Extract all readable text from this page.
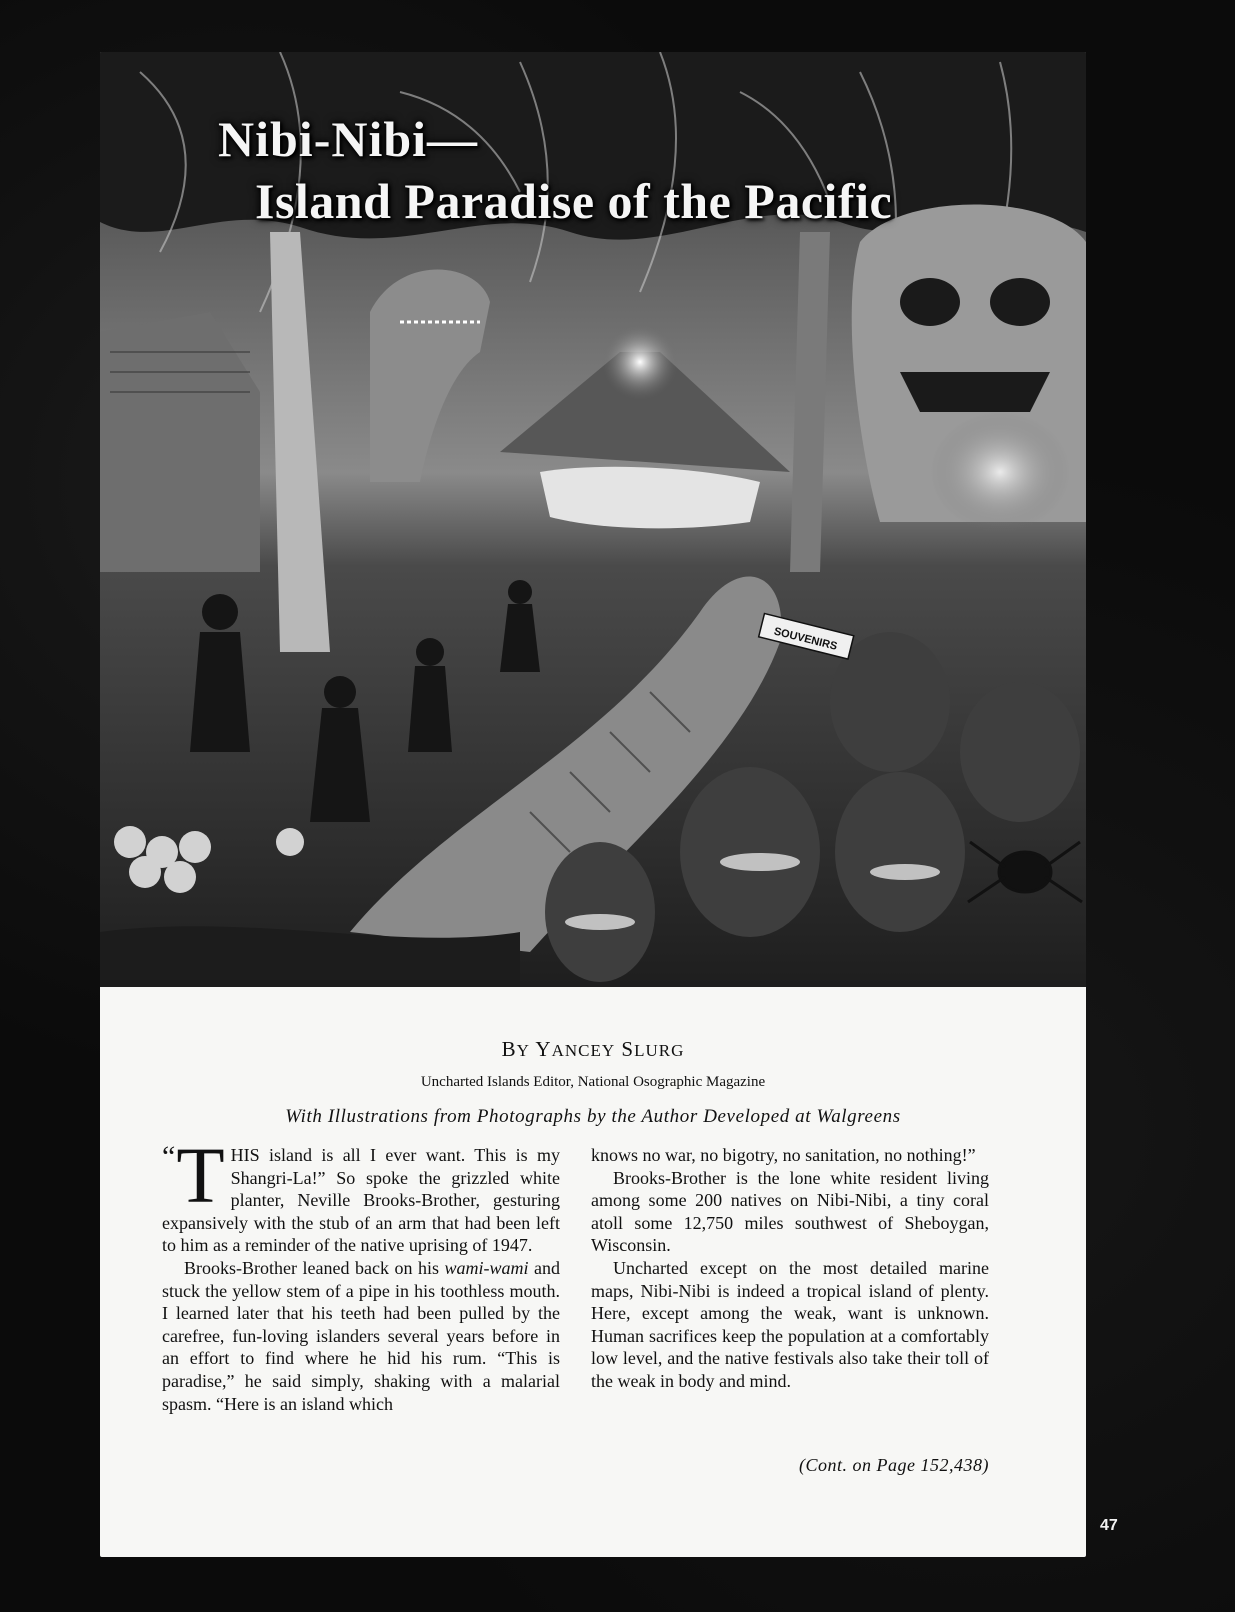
SOUVENIRS
Nibi-Nibi—
Island Paradise of the Pacific
BY YANCEY SLURG
Uncharted Islands Editor, National Osographic Magazine
With Illustrations from Photographs by the Author Developed at Walgreens

“ T HIS island is all I ever want. This is my Shangri-La!” So spoke the grizzled white planter, Neville Brooks-Brother, gesturing expansively with the stub of an arm that had been left to him as a reminder of the native uprising of 1947.

Brooks-Brother leaned back on his wami-wami and stuck the yellow stem of a pipe in his toothless mouth. I learned later that his teeth had been pulled by the carefree, fun-loving islanders several years before in an effort to find where he hid his rum. “This is paradise,” he said simply, shaking with a malarial spasm. “Here is an island which

knows no war, no bigotry, no sanitation, no nothing!”

Brooks-Brother is the lone white resident living among some 200 natives on Nibi-Nibi, a tiny coral atoll some 12,750 miles southwest of Sheboygan, Wisconsin.

Uncharted except on the most detailed marine maps, Nibi-Nibi is indeed a tropical island of plenty. Here, except among the weak, want is unknown. Human sacrifices keep the population at a comfortably low level, and the native festivals also take their toll of the weak in body and mind.

(Cont. on Page 152,438)
47
